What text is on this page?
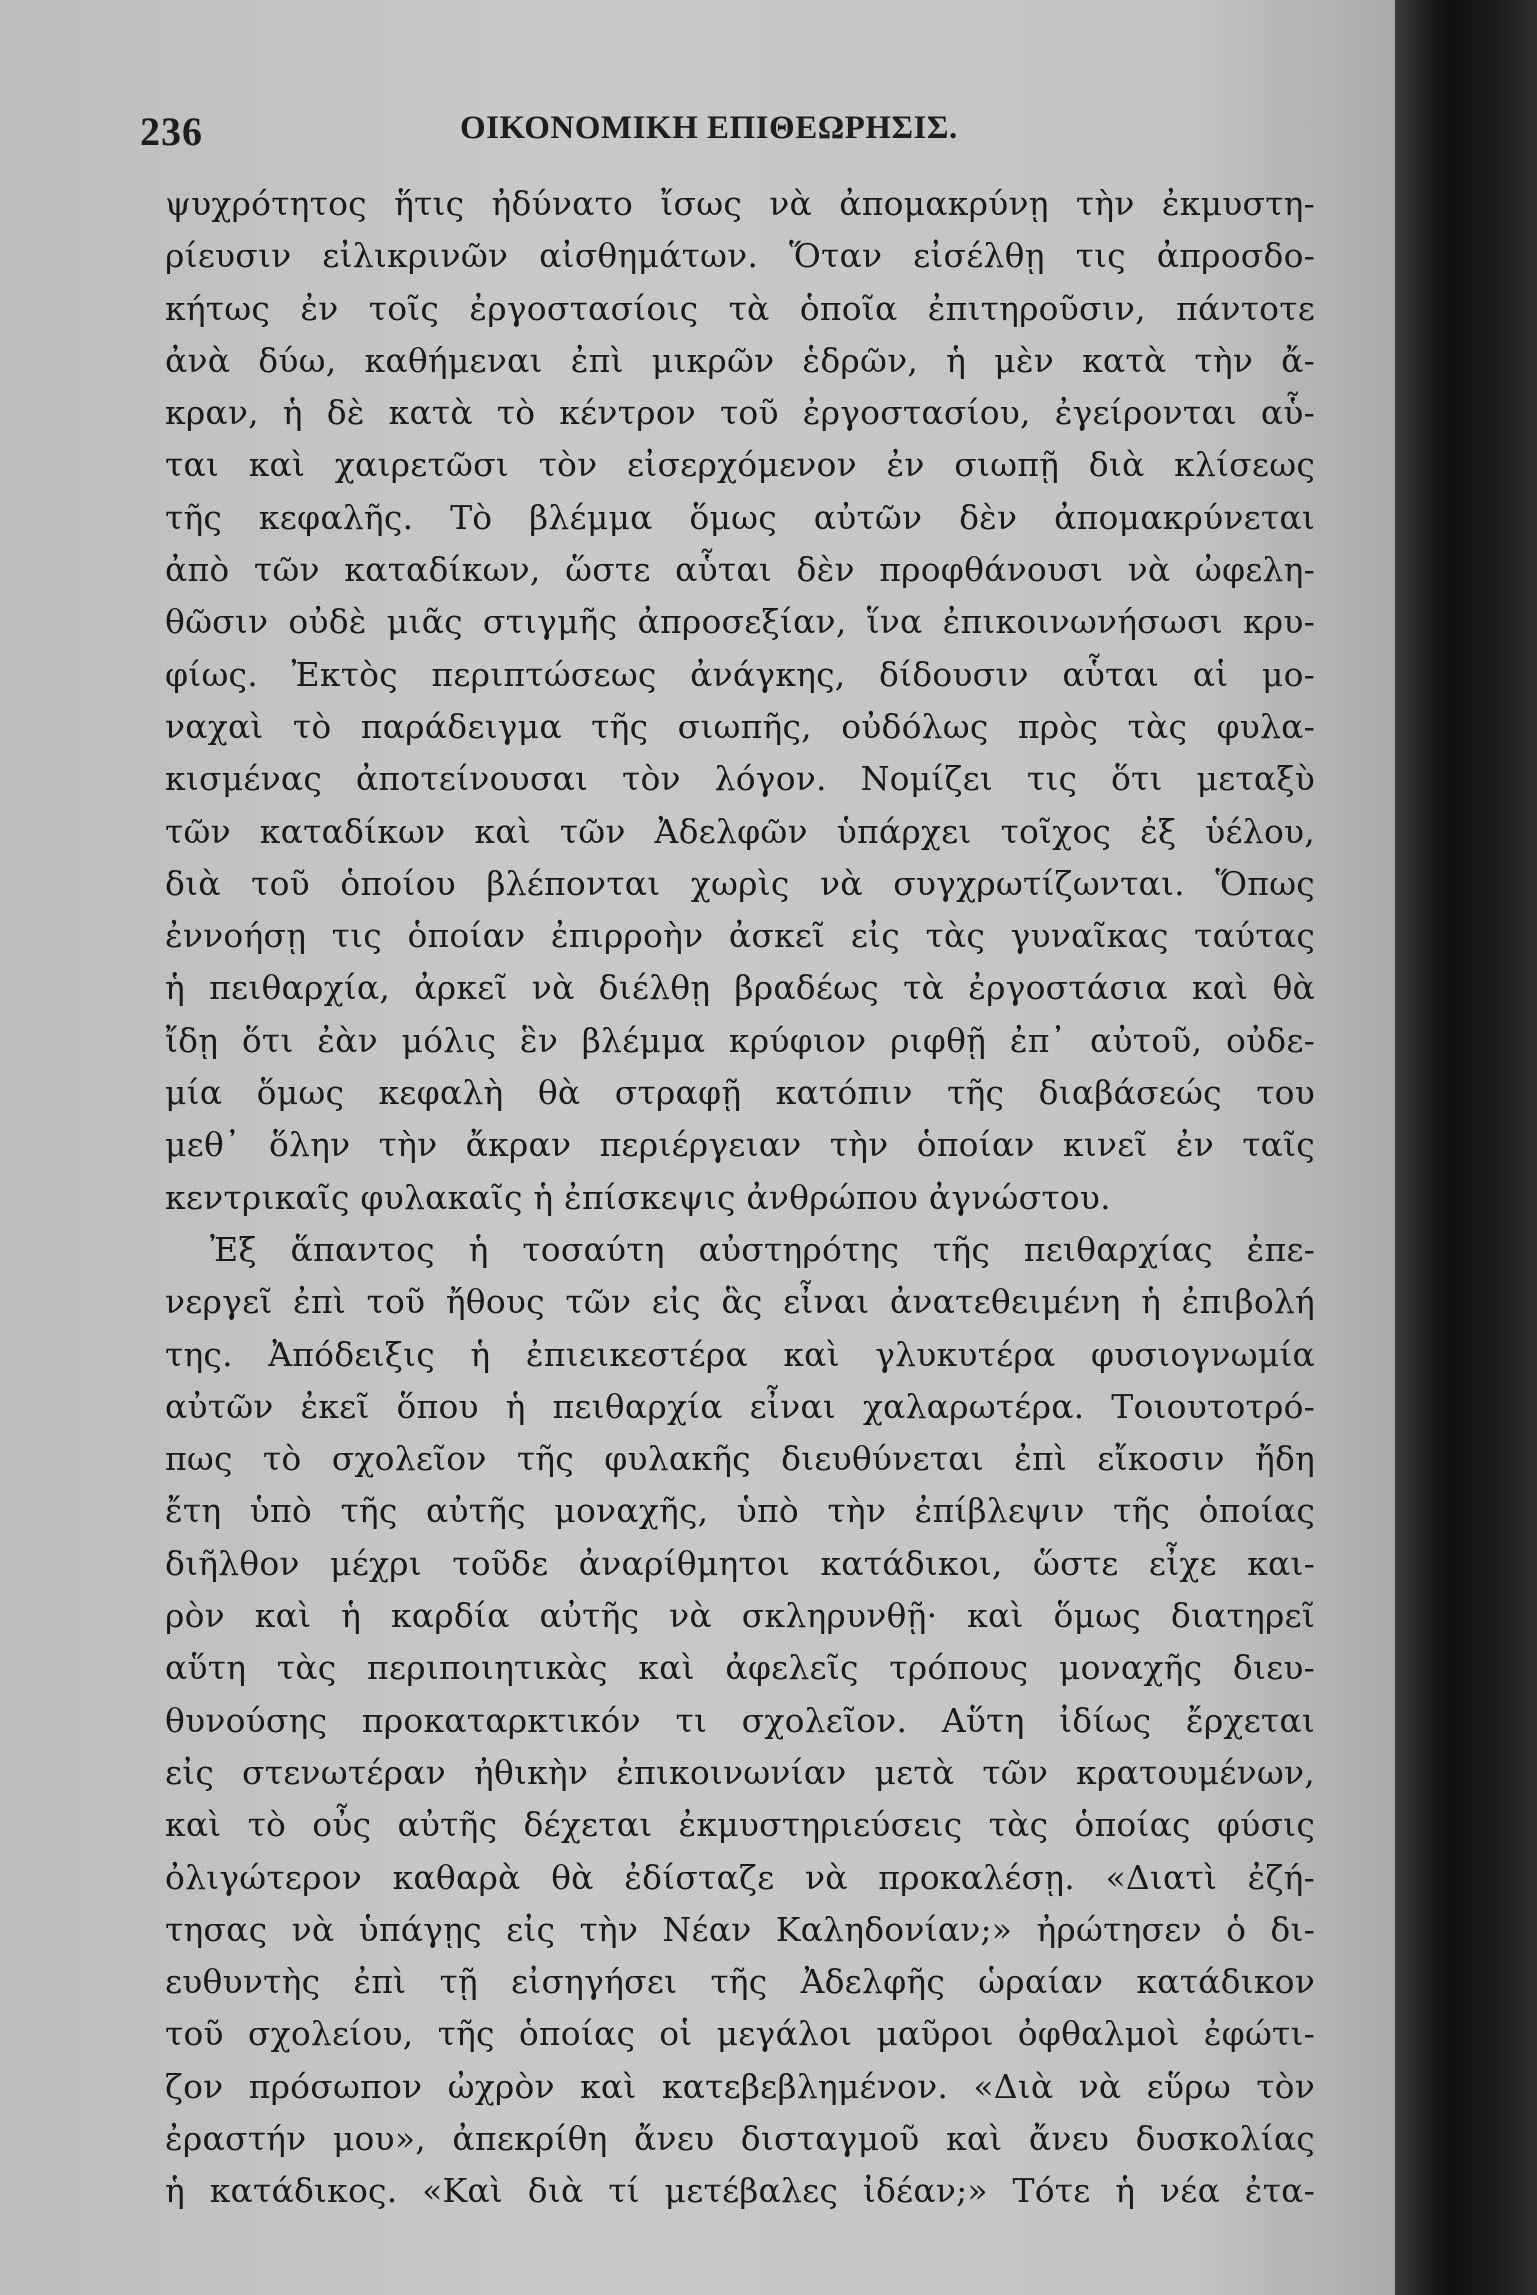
236	ΟΙΚΟΝΟΜΙΚΗ ΕΠΙΘΕΩΡΗΣΙΣ.
ψυχρότητος ἥτις ἠδύνατο ἴσως νὰ ἀπομακρύνῃ τὴν ἐκμυστη-
ρίευσιν εἰλικρινῶν αἰσθημάτων. Ὅταν εἰσέλθῃ τις ἀπροσδο-
κήτως ἐν τοῖς ἐργοστασίοις τὰ ὁποῖα ἐπιτηροῦσιν, πάντοτε
ἀνὰ δύω, καθήμεναι ἐπὶ μικρῶν ἑδρῶν, ἡ μὲν κατὰ τὴν ἄ-
κραν, ἡ δὲ κατὰ τὸ κέντρον τοῦ ἐργοστασίου, ἐγείρονται αὗ-
ται καὶ χαιρετῶσι τὸν εἰσερχόμενον ἐν σιωπῇ διὰ κλίσεως
τῆς κεφαλῆς. Τὸ βλέμμα ὅμως αὐτῶν δὲν ἀπομακρύνεται
ἀπὸ τῶν καταδίκων, ὥστε αὗται δὲν προφθάνουσι νὰ ὠφελη-
θῶσιν οὐδὲ μιᾶς στιγμῆς ἀπροσεξίαν, ἵνα ἐπικοινωνήσωσι κρυ-
φίως. Ἐκτὸς περιπτώσεως ἀνάγκης, δίδουσιν αὗται αἱ μο-
ναχαὶ τὸ παράδειγμα τῆς σιωπῆς, οὐδόλως πρὸς τὰς φυλα-
κισμένας ἀποτείνουσαι τὸν λόγον. Νομίζει τις ὅτι μεταξὺ
τῶν καταδίκων καὶ τῶν Ἀδελφῶν ὑπάρχει τοῖχος ἐξ ὑέλου,
διὰ τοῦ ὁποίου βλέπονται χωρὶς νὰ συγχρωτίζωνται. Ὅπως
ἐννοήσῃ τις ὁποίαν ἐπιρροὴν ἀσκεῖ εἰς τὰς γυναῖκας ταύτας
ἡ πειθαρχία, ἀρκεῖ νὰ διέλθῃ βραδέως τὰ ἐργοστάσια καὶ θὰ
ἴδῃ ὅτι ἐὰν μόλις ἓν βλέμμα κρύφιον ριφθῇ ἐπ᾽ αὐτοῦ, οὐδε-
μία ὅμως κεφαλὴ θὰ στραφῇ κατόπιν τῆς διαβάσεώς του
μεθ᾽ ὅλην τὴν ἄκραν περιέργειαν τὴν ὁποίαν κινεῖ ἐν ταῖς
κεντρικαῖς φυλακαῖς ἡ ἐπίσκεψις ἀνθρώπου ἀγνώστου.
Ἐξ ἅπαντος ἡ τοσαύτη αὐστηρότης τῆς πειθαρχίας ἐπε-
νεργεῖ ἐπὶ τοῦ ἤθους τῶν εἰς ἃς εἶναι ἀνατεθειμένη ἡ ἐπιβολή
της. Ἀπόδειξις ἡ ἐπιεικεστέρα καὶ γλυκυτέρα φυσιογνωμία
αὐτῶν ἐκεῖ ὅπου ἡ πειθαρχία εἶναι χαλαρωτέρα. Τοιουτοτρό-
πως τὸ σχολεῖον τῆς φυλακῆς διευθύνεται ἐπὶ εἴκοσιν ἤδη
ἔτη ὑπὸ τῆς αὐτῆς μοναχῆς, ὑπὸ τὴν ἐπίβλεψιν τῆς ὁποίας
διῆλθον μέχρι τοῦδε ἀναρίθμητοι κατάδικοι, ὥστε εἶχε και-
ρὸν καὶ ἡ καρδία αὐτῆς νὰ σκληρυνθῇ· καὶ ὅμως διατηρεῖ
αὕτη τὰς περιποιητικὰς καὶ ἀφελεῖς τρόπους μοναχῆς διευ-
θυνούσης προκαταρκτικόν τι σχολεῖον. Αὕτη ἰδίως ἔρχεται
εἰς στενωτέραν ἠθικὴν ἐπικοινωνίαν μετὰ τῶν κρατουμένων,
καὶ τὸ οὖς αὐτῆς δέχεται ἐκμυστηριεύσεις τὰς ὁποίας φύσις
ὀλιγώτερον καθαρὰ θὰ ἐδίσταζε νὰ προκαλέσῃ. «Διατὶ ἐζή-
τησας νὰ ὑπάγῃς εἰς τὴν Νέαν Καληδονίαν;» ἠρώτησεν ὁ δι-
ευθυντὴς ἐπὶ τῇ εἰσηγήσει τῆς Ἀδελφῆς ὡραίαν κατάδικον
τοῦ σχολείου, τῆς ὁποίας οἱ μεγάλοι μαῦροι ὀφθαλμοὶ ἐφώτι-
ζον πρόσωπον ὠχρὸν καὶ κατεβεβλημένον. «Διὰ νὰ εὕρω τὸν
ἐραστήν μου», ἀπεκρίθη ἄνευ δισταγμοῦ καὶ ἄνευ δυσκολίας
ἡ κατάδικος. «Καὶ διὰ τί μετέβαλες ἰδέαν;» Τότε ἡ νέα ἐτα-
